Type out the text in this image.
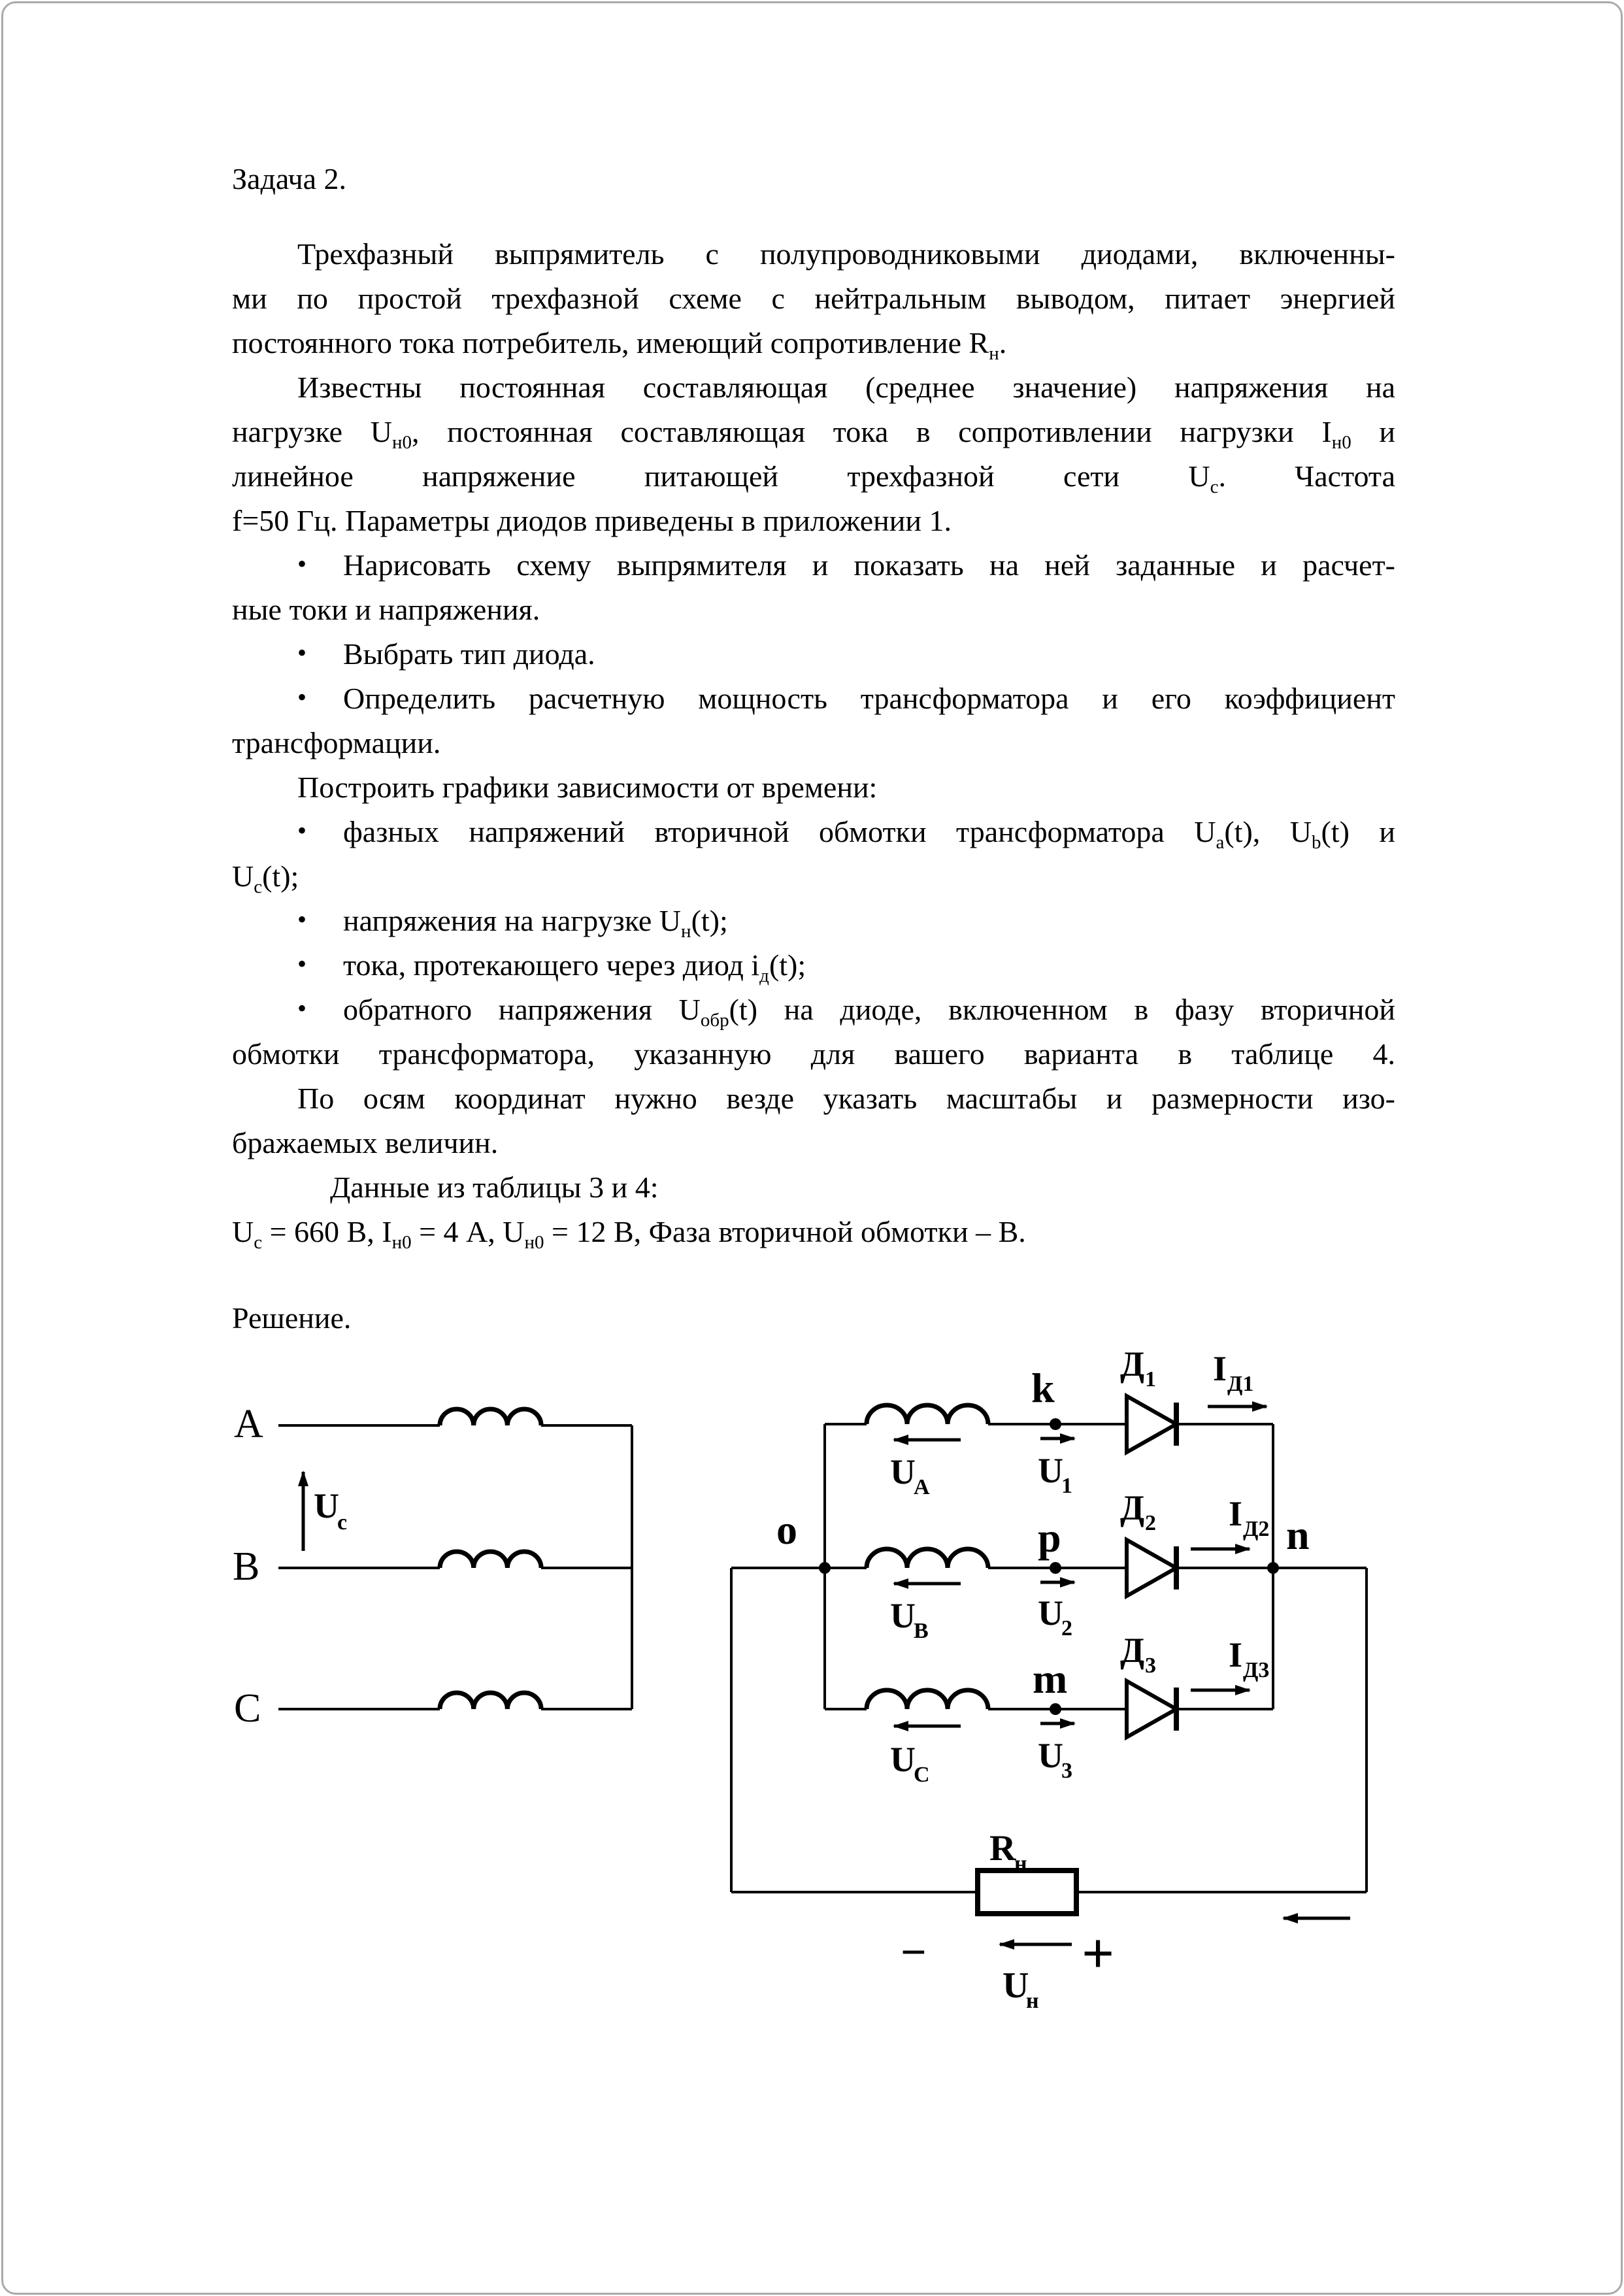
Задача 2.
Трехфазный выпрямитель с полупроводниковыми диодами, включенны-
ми по простой трехфазной схеме с нейтральным выводом, питает энергией
постоянного тока потребитель, имеющий сопротивление $R_н$.
Известны постоянная составляющая (среднее значение) напряжения на
нагрузке $U_{н0}$, постоянная составляющая тока в сопротивлении нагрузки $I_{н0}$ и
линейное напряжение питающей трехфазной сети $U_c$. Частота
f=50 Гц. Параметры диодов приведены в приложении 1.
• Нарисовать схему выпрямителя и показать на ней заданные и расчет-
ные токи и напряжения.
• Выбрать тип диода.
• Определить расчетную мощность трансформатора и его коэффициент
трансформации.
Построить графики зависимости от времени:
• фазных напряжений вторичной обмотки трансформатора $U_a(t)$, $U_b(t)$ и
$U_c(t)$;
• напряжения на нагрузке $U_н(t)$;
• тока, протекающего через диод $i_д(t)$;
• обратного напряжения $U_{обр}(t)$ на диоде, включенном в фазу вторичной
обмотки трансформатора, указанную для вашего варианта в таблице 4.
По осям координат нужно везде указать масштабы и размерности изо-
бражаемых величин.
Данные из таблицы 3 и 4:
$U_c = 660$ В, $I_{н0} = 4$ А, $U_{н0} = 12$ В, Фаза вторичной обмотки – В.
Решение.
A
B
C
U
c	o
k
Д 1
U
A	U
1
I Д1
p
Д 2
U
B	U
2
I Д2
m
Д 3
U
C	U
3
I Д3
n
R
н
−	+
U
н
